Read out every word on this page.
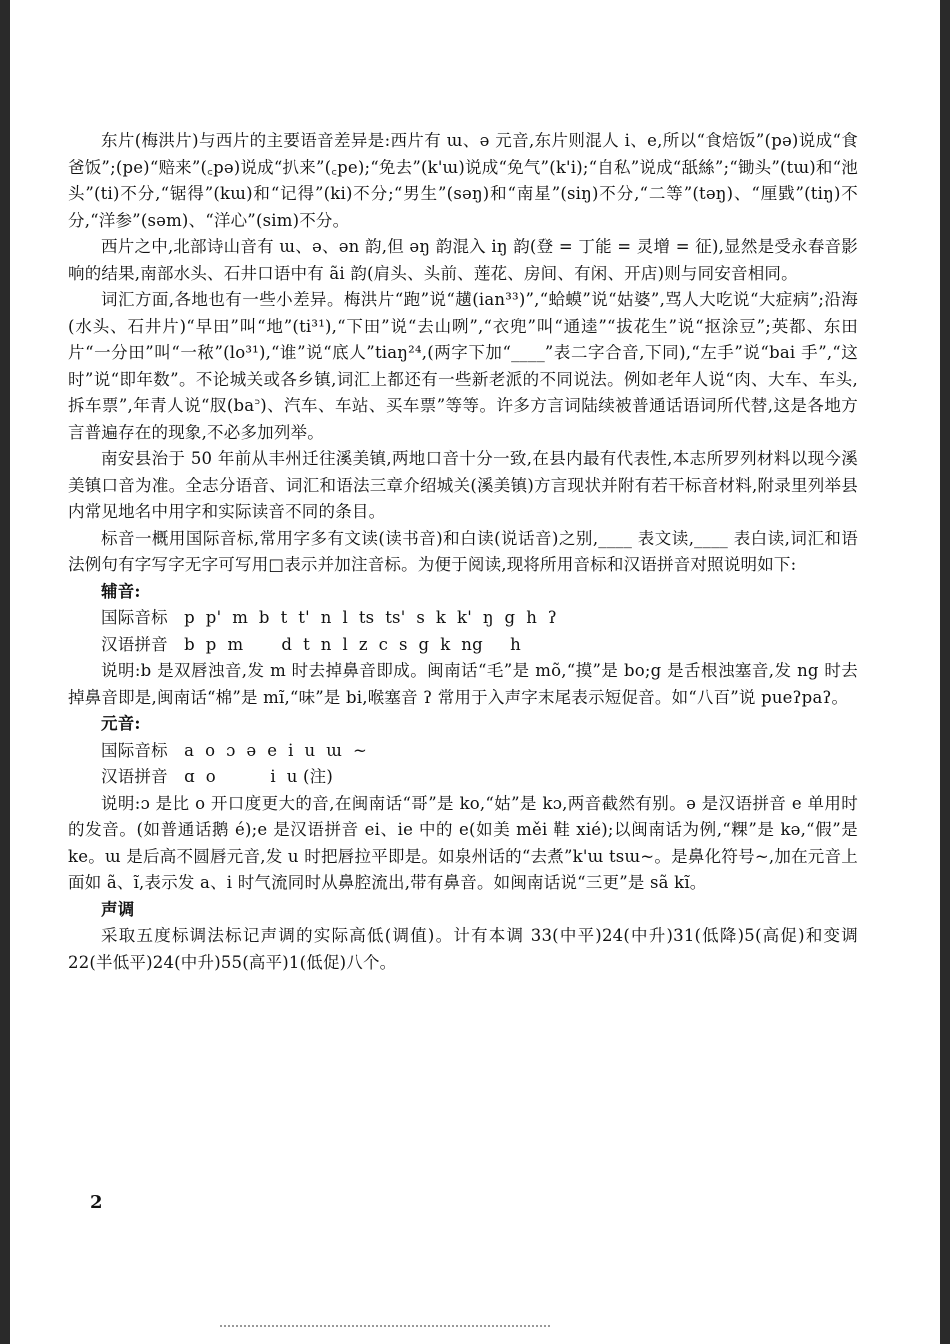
东片(梅洪片)与西片的主要语音差异是:西片有 ɯ、ə 元音,东片则混人 i、e,所以“食焙饭”(pə)说成“食爸饭”;(pe)“赔来”(꜀pə)说成“扒来”(꜀pe);“免去”(k'ɯ)说成“免气”(k'i);“自私”说成“舐絲”;“锄头”(tɯ)和“池头”(ti)不分,“锯得”(kɯ)和“记得”(ki)不分;“男生”(səŋ)和“南星”(siŋ)不分,“二等”(təŋ)、“厘戥”(tiŋ)不分,“洋参”(səm)、“洋心”(sim)不分。

西片之中,北部诗山音有 ɯ、ə、ən 韵,但 əŋ 韵混入 iŋ 韵(登 = 丁能 = 灵增 = 征),显然是受永春音影响的结果,南部水头、石井口语中有 ãi 韵(肩头、头前、莲花、房间、有闲、开店)则与同安音相同。

词汇方面,各地也有一些小差异。梅洪片“跑”说“趪(ian³³)”,“蛤蟆”说“姑婆”,骂人大吃说“大症病”;沿海(水头、石井片)“早田”叫“地”(ti³¹),“下田”说“去山咧”,“衣兜”叫“通逵”“拔花生”说“抠涂豆”;英都、东田片“一分田”叫“一秾”(lo³¹),“谁”说“底人”tiaŋ²⁴,(两字下加“____”表二字合音,下同),“左手”说“bai 手”,“这时”说“即年数”。不论城关或各乡镇,词汇上都还有一些新老派的不同说法。例如老年人说“肉、大车、车头,拆车票”,年青人说“肞(ba꜄)、汽车、车站、买车票”等等。许多方言词陆续被普通话语词所代替,这是各地方言普遍存在的现象,不必多加列举。

南安县治于 50 年前从丰州迁往溪美镇,两地口音十分一致,在县内最有代表性,本志所罗列材料以现今溪美镇口音为准。全志分语音、词汇和语法三章介绍城关(溪美镇)方言现状并附有若干标音材料,附录里列举县内常见地名中用字和实际读音不同的条目。

标音一概用国际音标,常用字多有文读(读书音)和白读(说话音)之别,____ 表文读,____ 表白读,词汇和语法例句有字写字无字可写用□表示并加注音标。为便于阅读,现将所用音标和汉语拼音对照说明如下:

辅音:
国际音标 p  p'  m  b  t  t'  n  l  ts  ts'  s  k  k'  ŋ  g  h  ʔ
汉语拼音 b  p  m       d  t  n  l  z  c  s  g  k  ng     h

说明:b 是双唇浊音,发 m 时去掉鼻音即成。闽南话“毛”是 mõ,“摸”是 bo;g 是舌根浊塞音,发 ng 时去掉鼻音即是,闽南话“棉”是 mĩ,“味”是 bi,喉塞音 ʔ 常用于入声字末尾表示短促音。如“八百”说 pueʔpaʔ。

元音:
国际音标 a  o  ɔ  ə  e  i  u  ɯ  ~
汉语拼音 ɑ  o          i  u (注)

说明:ɔ 是比 o 开口度更大的音,在闽南话“哥”是 ko,“姑”是 kɔ,两音截然有别。ə 是汉语拼音 e 单用时的发音。(如普通话鹅 é);e 是汉语拼音 ei、ie 中的 e(如美 měi 鞋 xié);以闽南话为例,“粿”是 kə,“假”是 ke。ɯ 是后高不圆唇元音,发 u 时把唇拉平即是。如泉州话的“去煮”k'ɯ tsɯ~。是鼻化符号~,加在元音上面如 ã、ĩ,表示发 a、i 时气流同时从鼻腔流出,带有鼻音。如闽南话说“三更”是 sã kĩ。

声调

采取五度标调法标记声调的实际高低(调值)。计有本调 33(中平)24(中升)31(低降)5(高促)和变调 22(半低平)24(中升)55(高平)1(低促)八个。

2
